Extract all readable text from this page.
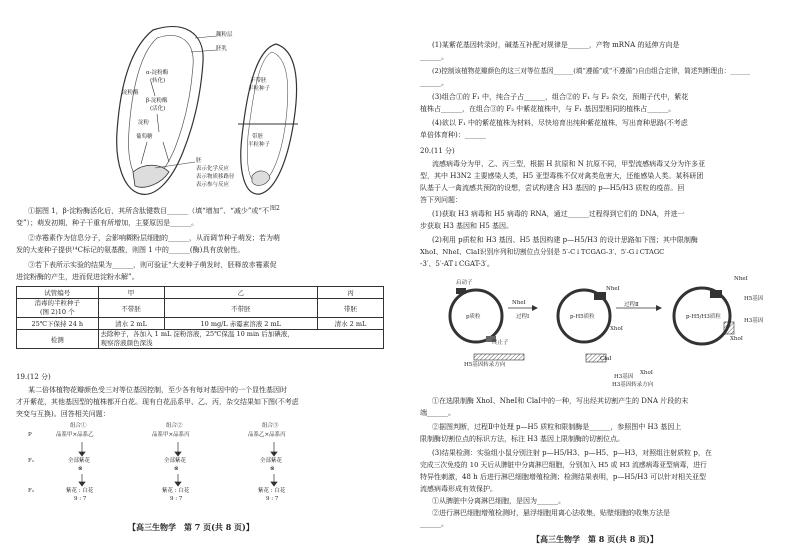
糊粉层
胚乳
α-淀粉酶
(转化)
淀粉酶
β-淀粉酶
(活化)
淀粉
葡萄糖
胚
表示化学反应
表示物质移路径
表示参与反应
不带胚
半粒种子
带胚
半粒种子
①据图 1，β-淀粉酶活化后，其所含肽键数目______（填“增加”、“减少”或“不 图2
变”）；萌发初期，种子干重有所增加，主要原因是______。
②赤霉素作为信息分子，会影响糊粉层细胞的______，从而调节种子萌发；若为萌
发的大麦种子提供¹⁴C标记的氨基酸，则图 1 中的______(酶)具有放射性。
③若下表所示实验的结果为______，则可验证“大麦种子萌发时，胚释放赤霉素促
进淀粉酶的产生，进而促进淀粉水解”。
试管编号	甲	乙	丙
消毒的半粒种子
(图 2)10 个	不带胚	不带胚	带胚
25℃下保持 24 h	清水 2 mL	10 mg/L 赤霉素溶液 2 mL	清水 2 mL
检测	去除种子，各加入 1 mL 淀粉溶液，25℃保温 10 min 后加碘液，
观察溶液颜色深浅		
19.(12 分)
某二倍体植物花瓣颜色受三对等位基因控制，至少各有每对基因中的一个显性基因时
才开紫花，其他基因型的植株都开白花。现有白花品系甲、乙、丙，杂交结果如下图(不考虑
突变与互换)。回答相关问题：
组合①	组合②	组合③
P	品系甲×品系乙	品系甲×品系丙	品系乙×品系丙
F₁	全部紫花	全部紫花	全部紫花
⊗	⊗	⊗
F₂	紫花 : 白花	紫花 : 白花	紫花 : 白花
9 : 7	9 : 7	9 : 7
【高三生物学　第 7 页(共 8 页)】
(1)某紫花基因转录时，碱基互补配对规律是______，产物 mRNA 的延伸方向是
______。
(2)控制该植物花瓣颜色的这三对等位基因______(填“遵循”或“不遵循”)自由组合定律，简述判断理由：______
______。
(3)组合①的 F₁ 中，纯合子占______，组合②的 F₁ 与 F₂ 杂交，预期子代中，紫花
植株占______，在组合③的 F₂ 中紫花植株中，与 F₁ 基因型相同的植株占______。
(4)欲以 F₁ 中的紫花植株为材料，尽快培育出纯种紫花植株，写出育种思路(不考虑
单倍体育种)：______
20.(11 分)
流感病毒分为甲、乙、丙三型，根据 H 抗原和 N 抗原不同，甲型流感病毒又分为许多亚
型，其中 H3N2 主要感染人类，H5 亚型毒株不仅对禽类危害大，还能感染人类。某科研团
队基于人一禽流感共预防的设想，尝试构建含 H3 基因的 p—H5/H3 质粒的疫苗。回
答下列问题：
(1)获取 H3 病毒和 H5 病毒的 RNA，通过______过程得到它们的 DNA，并进一
步获取 H3 基因和 H5 基因。
(2)利用 p质粒和 H3 基因、H5 基因构建 p—H5/H3 的设计思路如下图；其中限制酶
XhoⅠ、NheⅠ、ClaⅠ识别序列和切割位点分别是 5′-C↓TCGAG-3′、5′-G↓CTAGC
-3′、5′-AT↓CGAT-3′。
启动子
p质粒
终止子
NheⅠ
过程Ⅰ
H5基因转录方向
p-H5质粒
NheⅠ
过程Ⅱ
XhoⅠ
ClaⅠ
H3基因
H3基因转录方向
XhoⅠ
p-H5/H3质粒
NheⅠ
H5基因
H3基因
XhoⅠ
①在选限制酶 XhoⅠ、NheⅠ和 ClaⅠ中的一种，写出经其切割产生的 DNA 片段的末
端______。
②据图判断，过程Ⅱ中处理 p—H5 质粒和限制酶是______，参照图中 H3 基因上
限制酶切割位点的标识方法，标注 H3 基因上限制酶的切割位点。
(3)结果检测：实验组小鼠分别注射 p—H5/H3、p—H5、p—H3，对照组注射质粒 p，在
完成三次免疫的 10 天后从脾脏中分离淋巴细胞，分别加入 H5 或 H3 流感病毒亚型病毒，进行
特异性刺激，48 h 后进行淋巴细胞增殖检测；检测结果表明，p—H5/H3 可以针对相关亚型
流感病毒形成有效保护。
①从脾脏中分离淋巴细胞，是因为______。
②进行淋巴细胞增殖检测时，悬浮细胞用离心法收集，贴壁细胞的收集方法是
______。
【高三生物学　第 8 页(共 8 页)】
